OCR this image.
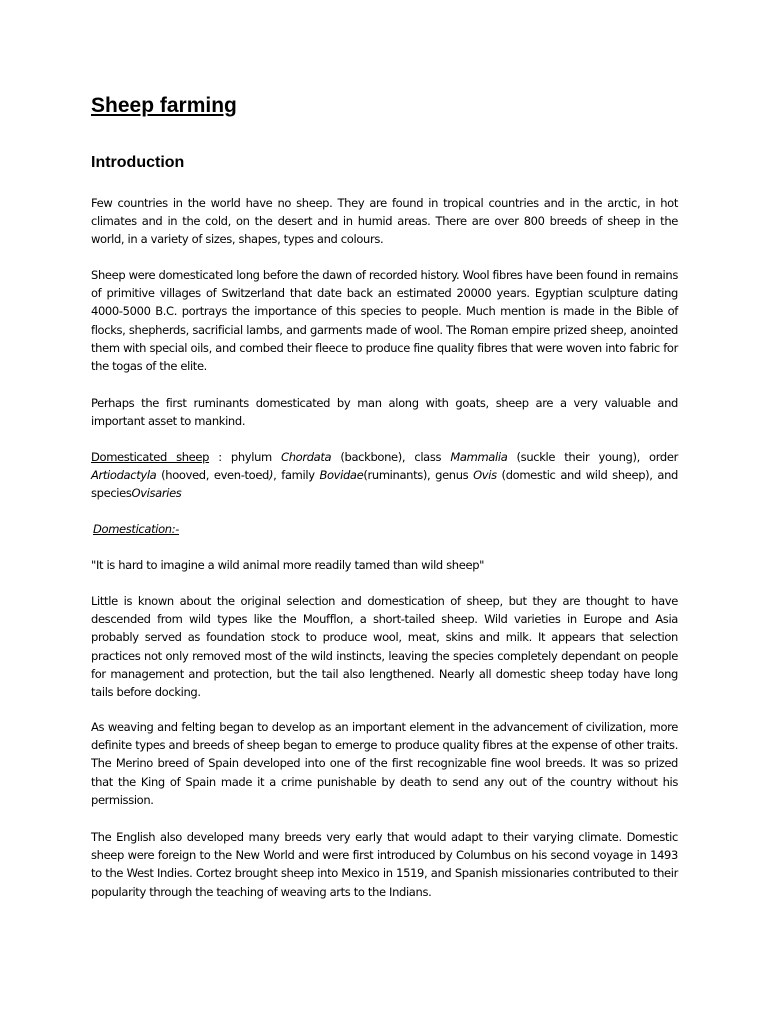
Sheep farming
Introduction

Few countries in the world have no sheep. They are found in tropical countries and in the arctic, in hot climates and in the cold, on the desert and in humid areas. There are over 800 breeds of sheep in the world, in a variety of sizes, shapes, types and colours.

Sheep were domesticated long before the dawn of recorded history. Wool fibres have been found in remains of primitive villages of Switzerland that date back an estimated 20000 years. Egyptian sculpture dating 4000-5000 B.C. portrays the importance of this species to people. Much mention is made in the Bible of flocks, shepherds, sacrificial lambs, and garments made of wool. The Roman empire prized sheep, anointed them with special oils, and combed their fleece to produce fine quality fibres that were woven into fabric for the togas of the elite.

Perhaps the first ruminants domesticated by man along with goats, sheep are a very valuable and important asset to mankind.

Domesticated sheep : phylum Chordata (backbone), class Mammalia (suckle their young), order Artiodactyla (hooved, even-toed), family Bovidae(ruminants), genus Ovis (domestic and wild sheep), and speciesOvisaries

Domestication:-

"It is hard to imagine a wild animal more readily tamed than wild sheep"

Little is known about the original selection and domestication of sheep, but they are thought to have descended from wild types like the Moufflon, a short-tailed sheep. Wild varieties in Europe and Asia probably served as foundation stock to produce wool, meat, skins and milk. It appears that selection practices not only removed most of the wild instincts, leaving the species completely dependant on people for management and protection, but the tail also lengthened. Nearly all domestic sheep today have long tails before docking.

As weaving and felting began to develop as an important element in the advancement of civilization, more definite types and breeds of sheep began to emerge to produce quality fibres at the expense of other traits. The Merino breed of Spain developed into one of the first recognizable fine wool breeds. It was so prized that the King of Spain made it a crime punishable by death to send any out of the country without his permission.

The English also developed many breeds very early that would adapt to their varying climate. Domestic sheep were foreign to the New World and were first introduced by Columbus on his second voyage in 1493 to the West Indies. Cortez brought sheep into Mexico in 1519, and Spanish missionaries contributed to their popularity through the teaching of weaving arts to the Indians.
